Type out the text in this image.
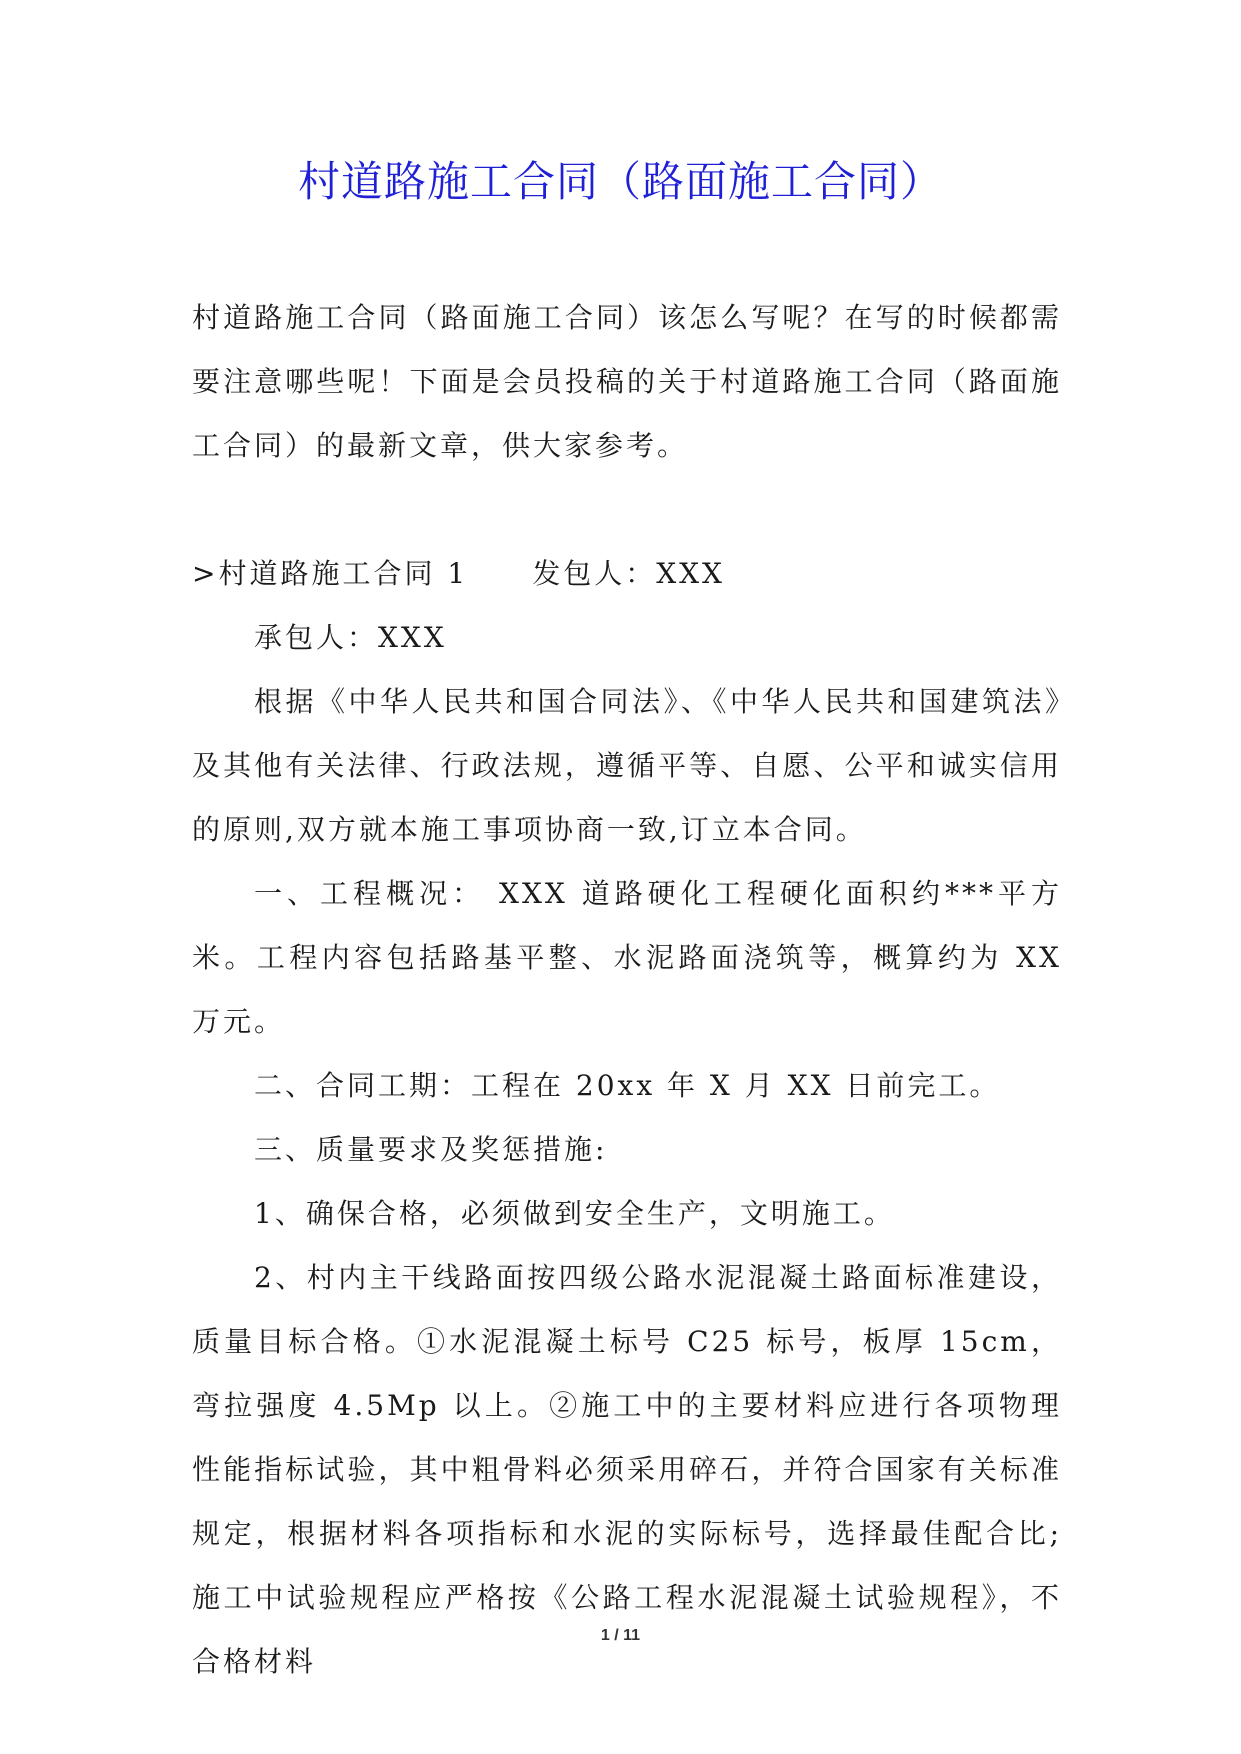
村道路施工合同（路面施工合同）

村道路施工合同（路面施工合同）该怎么写呢？在写的时候都需要注意哪些呢！下面是会员投稿的关于村道路施工合同（路面施工合同）的最新文章，供大家参考。

>村道路施工合同 1 发包人：XXX

承包人：XXX

根据《中华人民共和国合同法》、《中华人民共和国建筑法》及其他有关法律、行政法规，遵循平等、自愿、公平和诚实信用的原则,双方就本施工事项协商一致,订立本合同。

一、工程概况： XXX 道路硬化工程硬化面积约***平方米。工程内容包括路基平整、水泥路面浇筑等，概算约为 XX 万元。

二、合同工期：工程在 20xx 年 X 月 XX 日前完工。

三、质量要求及奖惩措施:

1、确保合格，必须做到安全生产，文明施工。

2、村内主干线路面按四级公路水泥混凝土路面标准建设，质量目标合格。①水泥混凝土标号 C25 标号，板厚 15cm，弯拉强度 4.5Mp 以上。②施工中的主要材料应进行各项物理性能指标试验，其中粗骨料必须采用碎石，并符合国家有关标准规定，根据材料各项指标和水泥的实际标号，选择最佳配合比;施工中试验规程应严格按《公路工程水泥混凝土试验规程》，不合格材料

1 / 11
